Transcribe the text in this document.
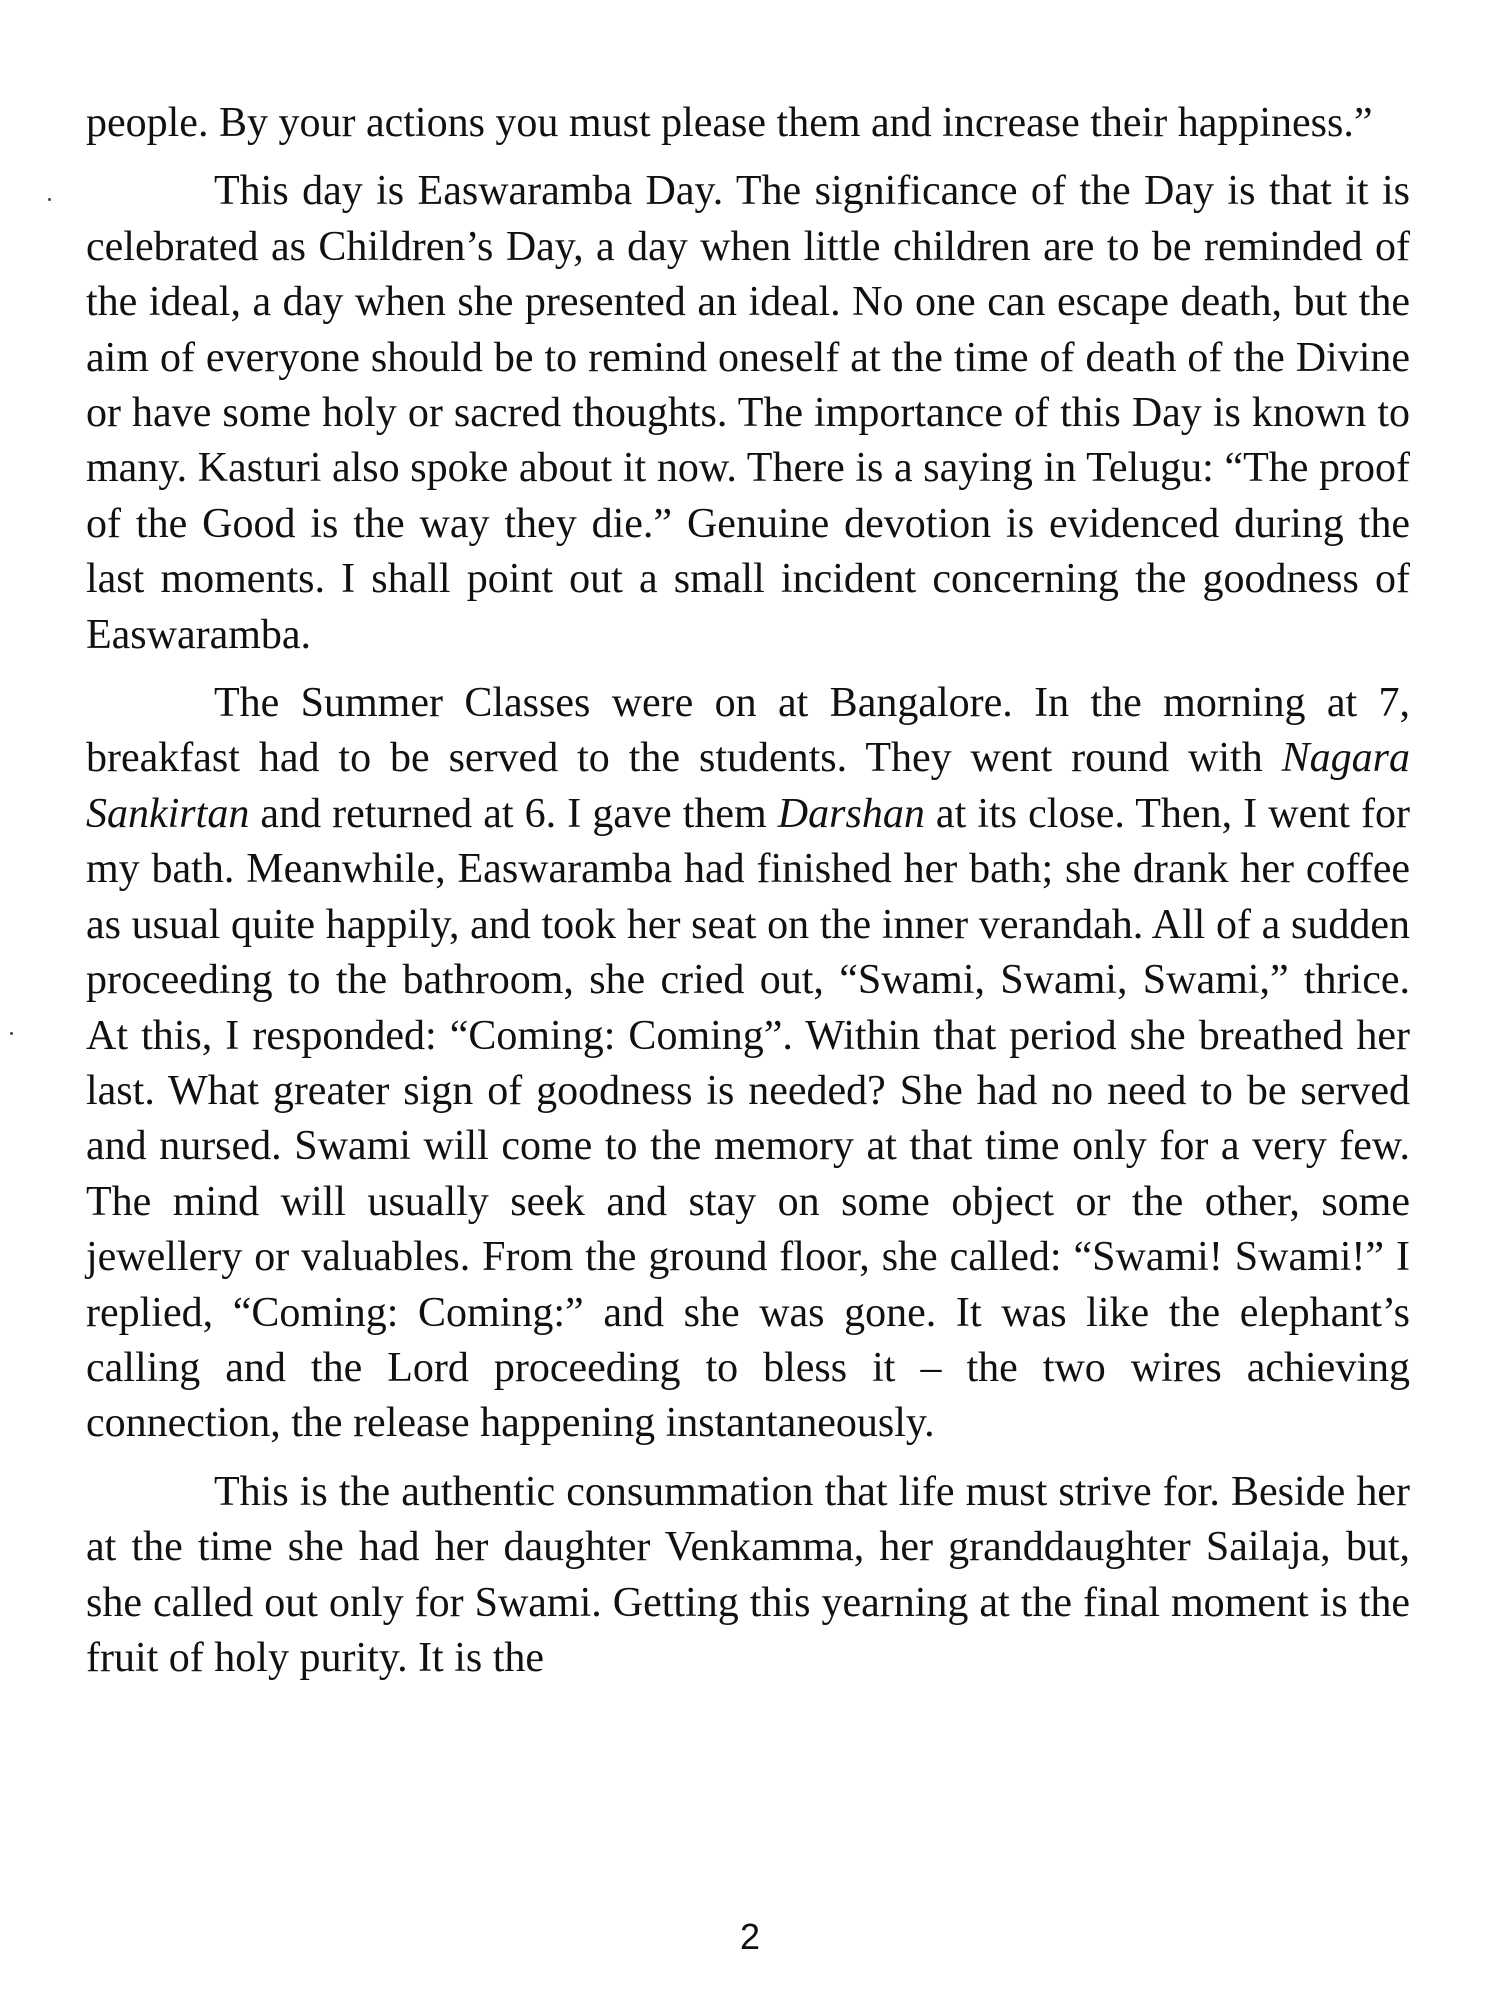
people. By your actions you must please them and increase their happiness.”

This day is Easwaramba Day. The significance of the Day is that it is celebrated as Children’s Day, a day when little children are to be reminded of the ideal, a day when she presented an ideal. No one can escape death, but the aim of everyone should be to remind oneself at the time of death of the Divine or have some holy or sacred thoughts. The importance of this Day is known to many. Kasturi also spoke about it now. There is a saying in Telugu: “The proof of the Good is the way they die.” Genuine devotion is evidenced during the last moments. I shall point out a small incident concerning the goodness of Easwaramba.

The Summer Classes were on at Bangalore. In the morning at 7, breakfast had to be served to the students. They went round with Nagara Sankirtan and returned at 6. I gave them Darshan at its close. Then, I went for my bath. Meanwhile, Easwaramba had finished her bath; she drank her coffee as usual quite happily, and took her seat on the inner verandah. All of a sudden proceeding to the bathroom, she cried out, “Swami, Swami, Swami,” thrice. At this, I responded: “Coming: Coming”. Within that period she breathed her last. What greater sign of goodness is needed? She had no need to be served and nursed. Swami will come to the memory at that time only for a very few. The mind will usually seek and stay on some object or the other, some jewellery or valuables. From the ground floor, she called: “Swami! Swami!” I replied, “Coming: Coming:” and she was gone. It was like the elephant’s calling and the Lord proceeding to bless it – the two wires achieving connection, the release happening instantaneously.

This is the authentic consummation that life must strive for. Beside her at the time she had her daughter Venkamma, her granddaughter Sailaja, but, she called out only for Swami. Getting this yearning at the final moment is the fruit of holy purity. It is the

2
